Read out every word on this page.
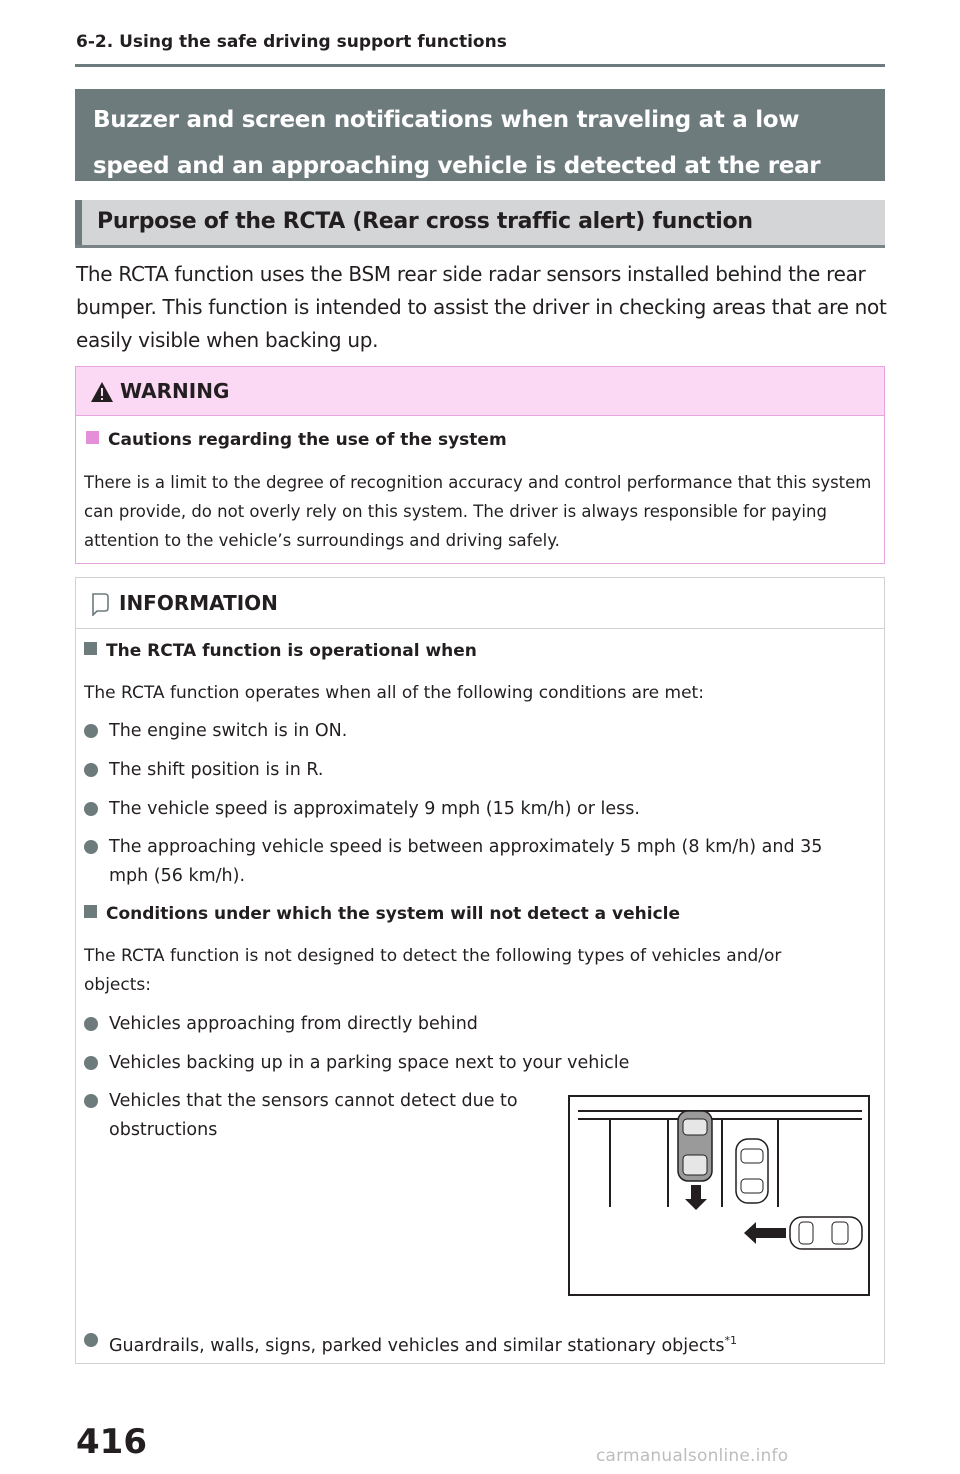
6-2. Using the safe driving support functions
Buzzer and screen notifications when traveling at a low speed and an approaching vehicle is detected at the rear
Purpose of the RCTA (Rear cross traffic alert) function
The RCTA function uses the BSM rear side radar sensors installed behind the rear bumper. This function is intended to assist the driver in checking areas that are not easily visible when backing up.
WARNING
Cautions regarding the use of the system
There is a limit to the degree of recognition accuracy and control performance that this system can provide, do not overly rely on this system. The driver is always responsible for paying attention to the vehicle’s surroundings and driving safely.
INFORMATION
The RCTA function is operational when
The RCTA function operates when all of the following conditions are met:
The engine switch is in ON.
The shift position is in R.
The vehicle speed is approximately 9 mph (15 km/h) or less.
The approaching vehicle speed is between approximately 5 mph (8 km/h) and 35 mph (56 km/h).
Conditions under which the system will not detect a vehicle
The RCTA function is not designed to detect the following types of vehicles and/or objects:
Vehicles approaching from directly behind
Vehicles backing up in a parking space next to your vehicle
Vehicles that the sensors cannot detect due to obstructions
Guardrails, walls, signs, parked vehicles and similar stationary objects$^{*1}$
416	carmanualsonline.info
